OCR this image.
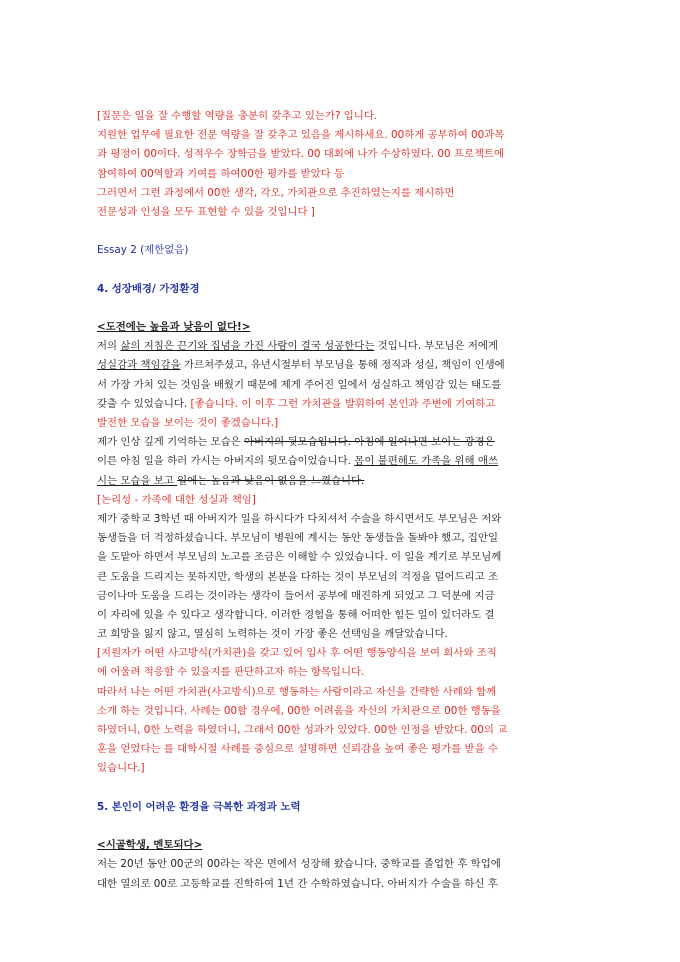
[질문은 일을 잘 수행할 역량을 충분히 갖추고 있는가? 입니다.
지원한 업무에 필요한 전문 역량을 잘 갖추고 있음을 제시하세요. 00하게 공부하여 00과목
과 평점이 00이다. 성적우수 장학금을 받았다. 00 대회에 나가 수상하였다. 00 프로젝트에
참여하여 00역할과 기여를 하여00한 평가를 받았다 등
그러면서 그런 과정에서 00한 생각, 각오, 가치관으로 추진하였는지를 제시하면
전문성과 인성을 모두 표현할 수 있을 것입니다 ]
Essay 2 (제한없음)
4. 성장배경/ 가정환경
<도전에는 높음과 낮음이 없다!>
저의 삶의 지침은 끈기와 집념을 가진 사람이 결국 성공한다는 것입니다. 부모님은 저에게
성실감과 책임감을 가르쳐주셨고, 유년시절부터 부모님을 통해 정직과 성실, 책임이 인생에
서 가장 가치 있는 것임을 배웠기 때문에 제게 주어진 일에서 성실하고 책임감 있는 태도를
갖출 수 있었습니다. [좋습니다. 이 이후 그런 가치관을 발휘하여 본인과 주변에 기여하고
발전한 모습을 보이는 것이 좋겠습니다.]
제가 인상 깊게 기억하는 모습은 아버지의 뒷모습입니다. 아침에 일어나면 보이는 광경은
이른 아침 일을 하러 가시는 아버지의 뒷모습이었습니다. 몸이 불편해도 가족을 위해 애쓰
시는 모습을 보고 일에는 높음과 낮음이 없음을 느꼈습니다.
[논리성 - 가족에 대한 성실과 책임]
제가 중학교 3학년 때 아버지가 일을 하시다가 다치셔서 수술을 하시면서도 부모님은 저와
동생들을 더 걱정하셨습니다. 부모님이 병원에 계시는 동안 동생들을 돌봐야 했고, 집안일
을 도맡아 하면서 부모님의 노고를 조금은 이해할 수 있었습니다. 이 일을 계기로 부모님께
큰 도움을 드리지는 못하지만, 학생의 본분을 다하는 것이 부모님의 걱정을 덜어드리고 조
금이나마 도움을 드리는 것이라는 생각이 들어서 공부에 매진하게 되었고 그 덕분에 지금
이 자리에 있을 수 있다고 생각합니다. 이러한 경험을 통해 어떠한 힘든 일이 있더라도 결
코 희망을 잃지 않고, 열심히 노력하는 것이 가장 좋은 선택임을 깨달았습니다.
[지원자가 어떤 사고방식(가치관)을 갖고 있어 입사 후 어떤 행동양식을 보여 회사와 조직
에 어울려 적응할 수 있을지를 판단하고자 하는 항목입니다.
따라서 나는 어떤 가치관(사고방식)으로 행동하는 사람이라고 자신을 간략한 사례와 함께
소개 하는 것입니다. 사례는 00할 경우에, 00한 어려움을 자신의 가치관으로 00한 행동을
하였더니, 0한 노력을 하였더니, 그래서 00한 성과가 있었다. 00한 인정을 받았다. 00의 교
훈을 얻었다는 를 대학시절 사례를 중심으로 설명하면 신뢰감을 높여 좋은 평가를 받을 수
있습니다.]
5. 본인이 어려운 환경을 극복한 과정과 노력
<시골학생, 멘토되다>
저는 20년 동안 00군의 00라는 작은 면에서 성장해 왔습니다. 중학교를 졸업한 후 학업에
대한 열의로 00로 고등학교를 진학하여 1년 간 수학하였습니다. 아버지가 수술을 하신 후
